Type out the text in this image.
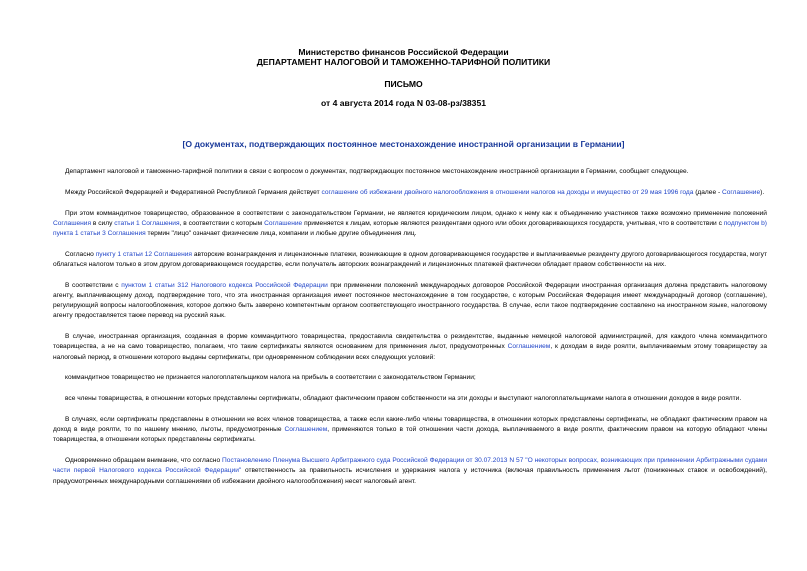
Министерство финансов Российской Федерации
ДЕПАРТАМЕНТ НАЛОГОВОЙ И ТАМОЖЕННО-ТАРИФНОЙ ПОЛИТИКИ
ПИСЬМО
от 4 августа 2014 года N 03-08-рз/38351
[О документах, подтверждающих постоянное местонахождение иностранной организации в Германии]

Департамент налоговой и таможенно-тарифной политики в связи с вопросом о документах, подтверждающих постоянное местонахождение иностранной организации в Германии, сообщает следующее.

Между Российской Федерацией и Федеративной Республикой Германия действует соглашение об избежании двойного налогообложения в отношении налогов на доходы и имущество от 29 мая 1996 года (далее - Соглашение).

При этом коммандитное товарищество, образованное в соответствии с законодательством Германии, не является юридическим лицом, однако к нему как к объединению участников также возможно применение положений Соглашения в силу статьи 1 Соглашения, в соответствии с которым Соглашение применяется к лицам, которые являются резидентами одного или обоих договаривающихся государств, учитывая, что в соответствии с подпунктом b) пункта 1 статьи 3 Соглашения термин "лицо" означает физические лица, компании и любые другие объединения лиц.

Согласно пункту 1 статьи 12 Соглашения авторские вознаграждения и лицензионные платежи, возникающие в одном договаривающемся государстве и выплачиваемые резиденту другого договаривающегося государства, могут облагаться налогом только в этом другом договаривающемся государстве, если получатель авторских вознаграждений и лицензионных платежей фактически обладает правом собственности на них.

В соответствии с пунктом 1 статьи 312 Налогового кодекса Российской Федерации при применении положений международных договоров Российской Федерации иностранная организация должна представить налоговому агенту, выплачивающему доход, подтверждение того, что эта иностранная организация имеет постоянное местонахождение в том государстве, с которым Российская Федерация имеет международный договор (соглашение), регулирующий вопросы налогообложения, которое должно быть заверено компетентным органом соответствующего иностранного государства. В случае, если такое подтверждение составлено на иностранном языке, налоговому агенту предоставляется также перевод на русский язык.

В случае, иностранная организация, созданная в форме коммандитного товарищества, предоставила свидетельства о резидентстве, выданные немецкой налоговой администрацией, для каждого члена коммандитного товарищества, а не на само товарищество, полагаем, что такие сертификаты являются основанием для применения льгот, предусмотренных Соглашением, к доходам в виде роялти, выплачиваемым этому товариществу за налоговый период, в отношении которого выданы сертификаты, при одновременном соблюдении всех следующих условий:

коммандитное товарищество не признается налогоплательщиком налога на прибыль в соответствии с законодательством Германии;

все члены товарищества, в отношении которых представлены сертификаты, обладают фактическим правом собственности на эти доходы и выступают налогоплательщиками налога в отношении доходов в виде роялти.

В случаях, если сертификаты представлены в отношении не всех членов товарищества, а также если какие-либо члены товарищества, в отношении которых представлены сертификаты, не обладают фактическим правом на доход в виде роялти, то по нашему мнению, льготы, предусмотренные Соглашением, применяются только в той отношении части дохода, выплачиваемого в виде роялти, фактическим правом на которую обладают члены товарищества, в отношении которых представлены сертификаты.

Одновременно обращаем внимание, что согласно Постановлению Пленума Высшего Арбитражного суда Российской Федерации от 30.07.2013 N 57 "О некоторых вопросах, возникающих при применении Арбитражными судами части первой Налогового кодекса Российской Федерации" ответственность за правильность исчисления и удержания налога у источника (включая правильность применения льгот (пониженных ставок и освобождений), предусмотренных международными соглашениями об избежании двойного налогообложения) несет налоговый агент.
